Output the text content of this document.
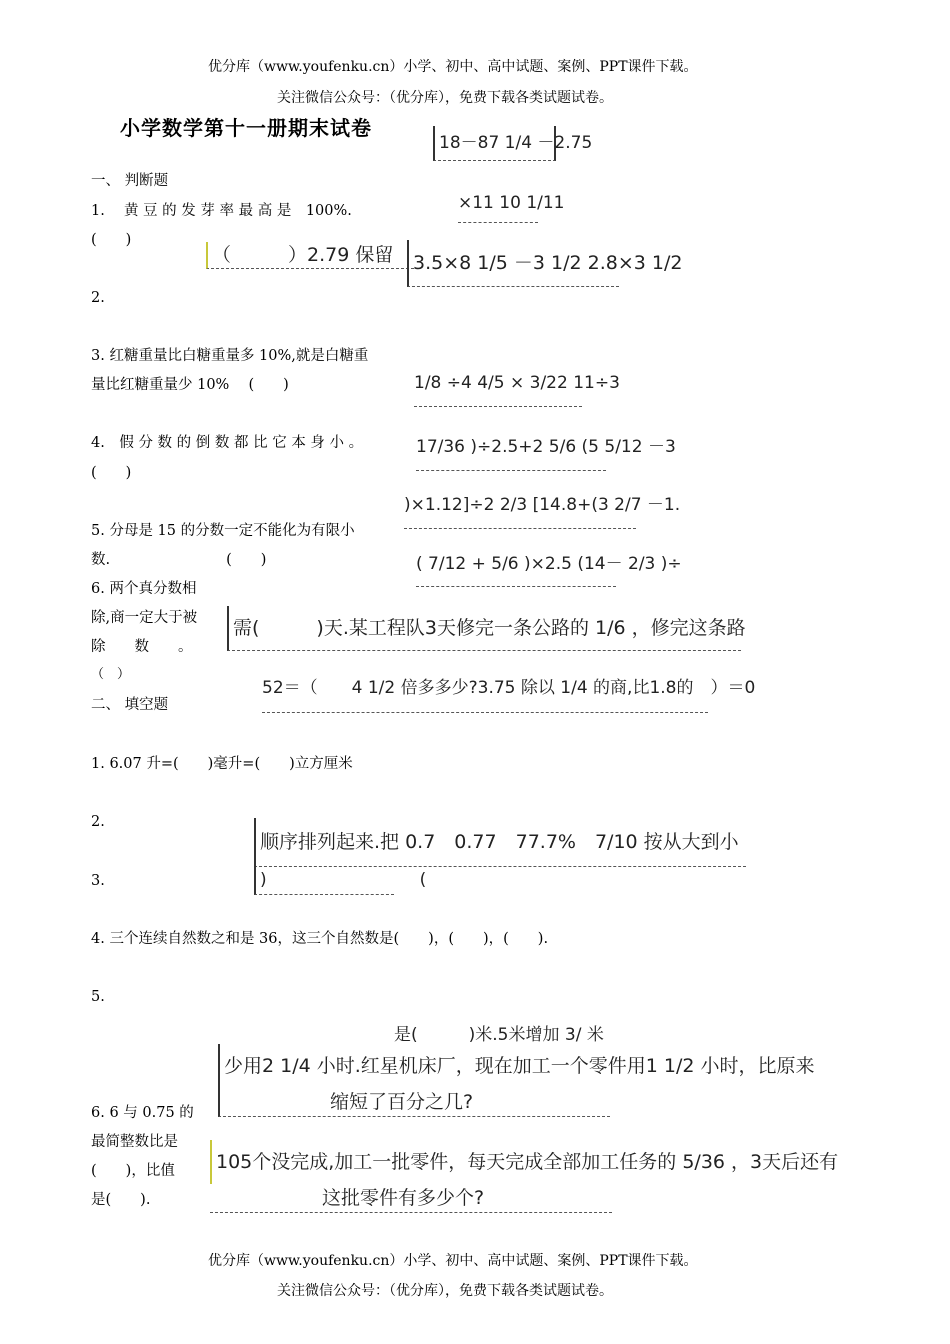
优分库（www.youfenku.cn）小学、初中、高中试题、案例、PPT课件下载。
关注微信公众号：（优分库），免费下载各类试题试卷。
小学数学第十一册期末试卷
一、 判断题
1.　 黄 豆 的 发 芽 率 最 高 是　100%.
(　　)
2.
3. 红糖重量比白糖重量多 10%,就是白糖重
量比红糖重量少 10%　 (　　)
4.　假 分 数 的 倒 数 都 比 它 本 身 小 。
(　　)
5. 分母是 15 的分数一定不能化为有限小
数.　　　　　　　　(　　)
6. 两个真分数相
除,商一定大于被
除　　数　　。
（　）
二、 填空题
1. 6.07 升=(　　)毫升=(　　)立方厘米
2.
3.
4. 三个连续自然数之和是 36，这三个自然数是(　　)，(　　)，(　　).
5.
6. 6 与 0.75 的
最简整数比是
(　　)，比值
是(　　).
18－87 1/4 －2.75
×11 10 1/11
（　　　）2.79 保留	3.5×8 1/5 －3 1/2 2.8×3 1/2
1/8 ÷4 4/5 × 3/22 11÷3
17/36 )÷2.5+2 5/6 (5 5/12 －3
)×1.12]÷2 2/3 [14.8+(3 2/7 －1.
( 7/12 + 5/6 )×2.5 (14－ 2/3 )÷
需(　　　)天.某工程队3天修完一条公路的 1/6 ，修完这条路
52＝（　　4 1/2 倍多多少?3.75 除以 1/4 的商,比1.8的　）＝0
顺序排列起来.把 0.7　0.77　77.7%　7/10 按从大到小
)　　　　　　　　　(
是(　　　)米.5米增加 3/ 米
少用2 1/4 小时.红星机床厂，现在加工一个零件用1 1/2 小时，比原来
缩短了百分之几?
105个没完成,加工一批零件，每天完成全部加工任务的 5/36 ，3天后还有
这批零件有多少个?
优分库（www.youfenku.cn）小学、初中、高中试题、案例、PPT课件下载。
关注微信公众号：（优分库），免费下载各类试题试卷。
